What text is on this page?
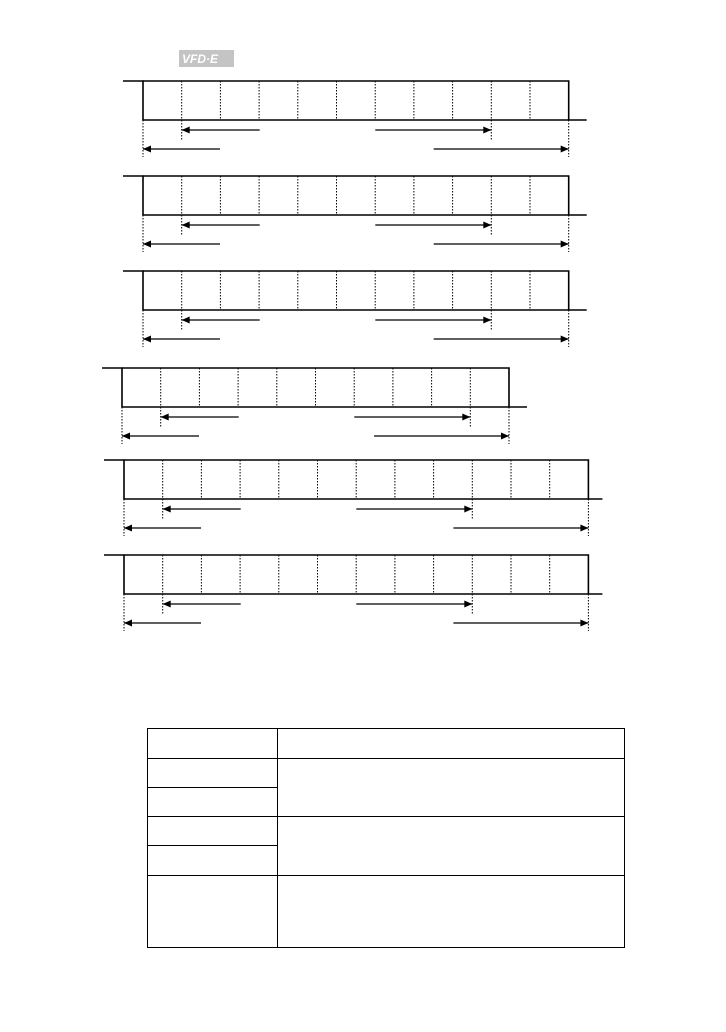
VFD·E
